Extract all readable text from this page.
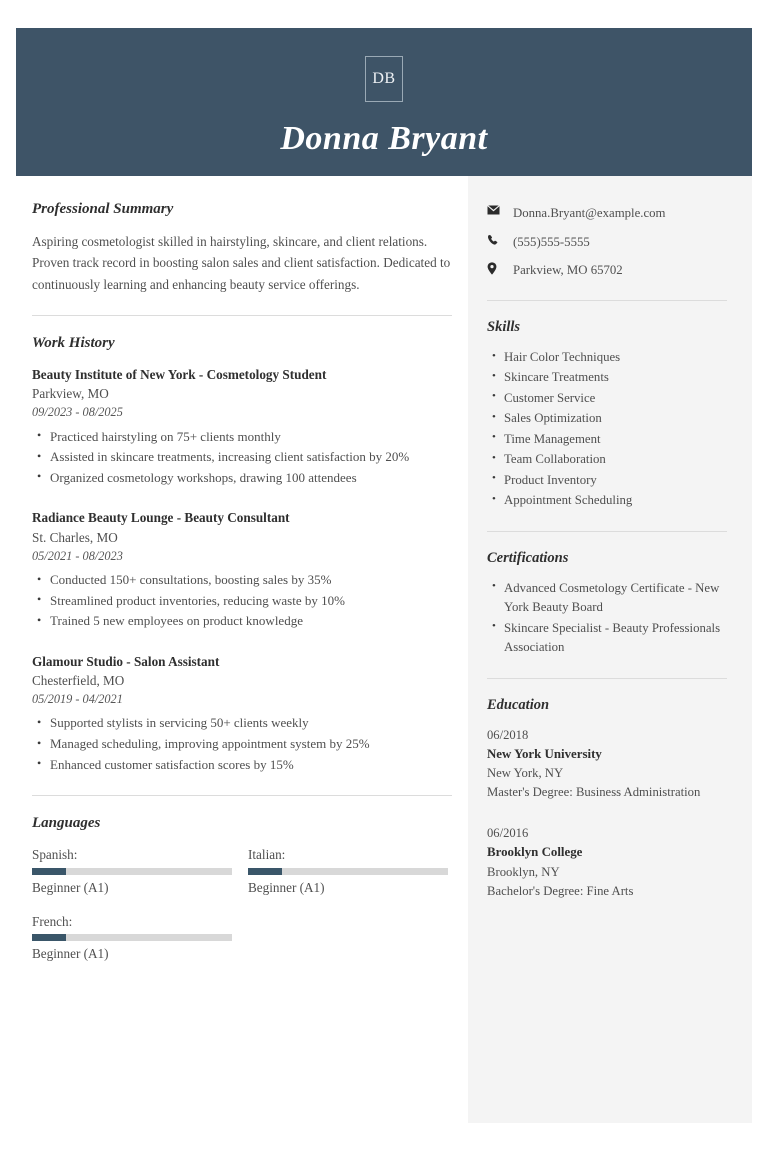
DB
Donna Bryant
Professional Summary

Aspiring cosmetologist skilled in hairstyling, skincare, and client relations. Proven track record in boosting salon sales and client satisfaction. Dedicated to continuously learning and enhancing beauty service offerings.

Work History
Beauty Institute of New York - Cosmetology Student
Parkview, MO
09/2023 - 08/2025
• Practiced hairstyling on 75+ clients monthly
• Assisted in skincare treatments, increasing client satisfaction by 20%
• Organized cosmetology workshops, drawing 100 attendees
Radiance Beauty Lounge - Beauty Consultant
St. Charles, MO
05/2021 - 08/2023
• Conducted 150+ consultations, boosting sales by 35%
• Streamlined product inventories, reducing waste by 10%
• Trained 5 new employees on product knowledge
Glamour Studio - Salon Assistant
Chesterfield, MO
05/2019 - 04/2021
• Supported stylists in servicing 50+ clients weekly
• Managed scheduling, improving appointment system by 25%
• Enhanced customer satisfaction scores by 15%
Languages
Spanish:
Beginner (A1)
Italian:
Beginner (A1)
French:
Beginner (A1)
Donna.Bryant@example.com
(555)555-5555
Parkview, MO 65702
Skills
• Hair Color Techniques
• Skincare Treatments
• Customer Service
• Sales Optimization
• Time Management
• Team Collaboration
• Product Inventory
• Appointment Scheduling
Certifications
• Advanced Cosmetology Certificate - New York Beauty Board
• Skincare Specialist - Beauty Professionals Association
Education
06/2018
New York University
New York, NY
Master's Degree: Business Administration
06/2016
Brooklyn College
Brooklyn, NY
Bachelor's Degree: Fine Arts
